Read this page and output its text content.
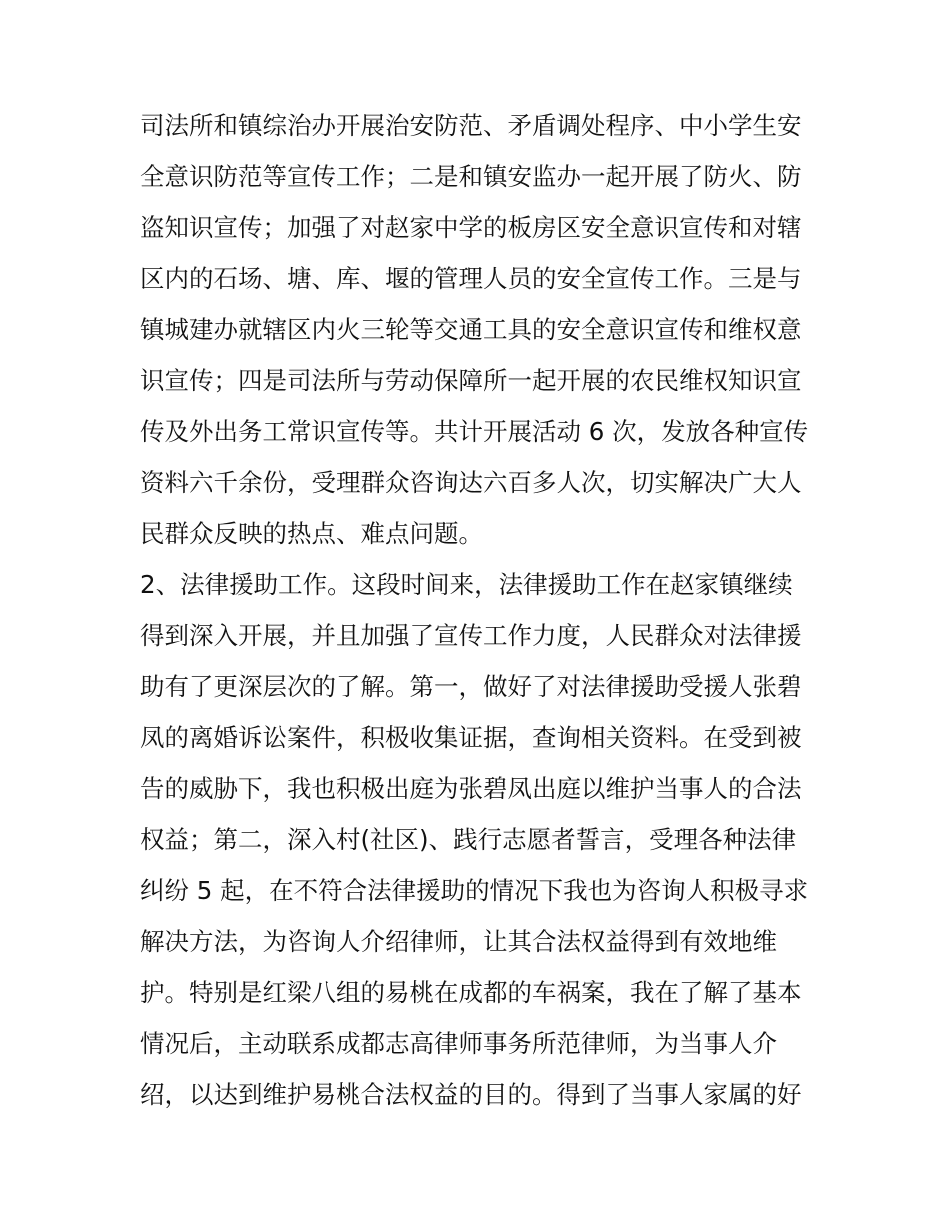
司法所和镇综治办开展治安防范、矛盾调处程序、中小学生安
全意识防范等宣传工作；二是和镇安监办一起开展了防火、防
盗知识宣传；加强了对赵家中学的板房区安全意识宣传和对辖
区内的石场、塘、库、堰的管理人员的安全宣传工作。三是与
镇城建办就辖区内火三轮等交通工具的安全意识宣传和维权意
识宣传；四是司法所与劳动保障所一起开展的农民维权知识宣
传及外出务工常识宣传等。共计开展活动 6 次，发放各种宣传
资料六千余份，受理群众咨询达六百多人次，切实解决广大人
民群众反映的热点、难点问题。
2、法律援助工作。这段时间来，法律援助工作在赵家镇继续
得到深入开展，并且加强了宣传工作力度，人民群众对法律援
助有了更深层次的了解。第一，做好了对法律援助受援人张碧
凤的离婚诉讼案件，积极收集证据，查询相关资料。在受到被
告的威胁下，我也积极出庭为张碧凤出庭以维护当事人的合法
权益；第二，深入村(社区)、践行志愿者誓言，受理各种法律
纠纷 5 起，在不符合法律援助的情况下我也为咨询人积极寻求
解决方法，为咨询人介绍律师，让其合法权益得到有效地维
护。特别是红梁八组的易桃在成都的车祸案，我在了解了基本
情况后，主动联系成都志高律师事务所范律师，为当事人介
绍，以达到维护易桃合法权益的目的。得到了当事人家属的好
